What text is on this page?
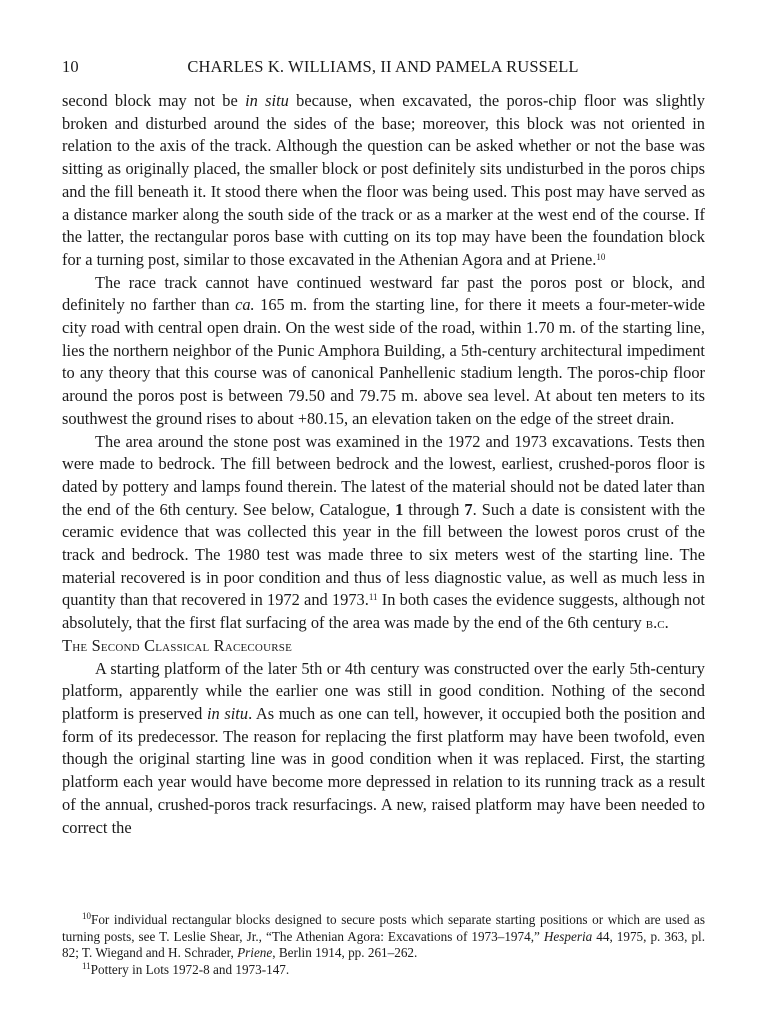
10	CHARLES K. WILLIAMS, II AND PAMELA RUSSELL

second block may not be in situ because, when excavated, the poros-chip floor was slightly broken and disturbed around the sides of the base; moreover, this block was not oriented in relation to the axis of the track. Although the question can be asked whether or not the base was sitting as originally placed, the smaller block or post definitely sits undisturbed in the poros chips and the fill beneath it. It stood there when the floor was being used. This post may have served as a distance marker along the south side of the track or as a marker at the west end of the course. If the latter, the rectangular poros base with cutting on its top may have been the foundation block for a turning post, similar to those excavated in the Athenian Agora and at Priene.$^{10}$

The race track cannot have continued westward far past the poros post or block, and definitely no farther than ca. 165 m. from the starting line, for there it meets a four-meter-wide city road with central open drain. On the west side of the road, within 1.70 m. of the starting line, lies the northern neighbor of the Punic Amphora Building, a 5th-century architectural impediment to any theory that this course was of canonical Panhellenic stadium length. The poros-chip floor around the poros post is between 79.50 and 79.75 m. above sea level. At about ten meters to its southwest the ground rises to about +80.15, an elevation taken on the edge of the street drain.

The area around the stone post was examined in the 1972 and 1973 excavations. Tests then were made to bedrock. The fill between bedrock and the lowest, earliest, crushed-poros floor is dated by pottery and lamps found therein. The latest of the material should not be dated later than the end of the 6th century. See below, Catalogue, 1 through 7. Such a date is consistent with the ceramic evidence that was collected this year in the fill between the lowest poros crust of the track and bedrock. The 1980 test was made three to six meters west of the starting line. The material recovered is in poor condition and thus of less diagnostic value, as well as much less in quantity than that recovered in 1972 and 1973.11 In both cases the evidence suggests, although not absolutely, that the first flat surfacing of the area was made by the end of the 6th century b.c.

The Second Classical Racecourse

A starting platform of the later 5th or 4th century was constructed over the early 5th-century platform, apparently while the earlier one was still in good condition. Nothing of the second platform is preserved in situ. As much as one can tell, however, it occupied both the position and form of its predecessor. The reason for replacing the first platform may have been twofold, even though the original starting line was in good condition when it was replaced. First, the starting platform each year would have become more depressed in relation to its running track as a result of the annual, crushed-poros track resurfacings. A new, raised platform may have been needed to correct the

$^{10}$For individual rectangular blocks designed to secure posts which separate starting positions or which are used as turning posts, see T. Leslie Shear, Jr., “The Athenian Agora: Excavations of 1973–1974,” Hesperia 44, 1975, p. 363, pl. 82; T. Wiegand and H. Schrader, Priene, Berlin 1914, pp. 261–262.

$^{11}$Pottery in Lots 1972-8 and 1973-147.
